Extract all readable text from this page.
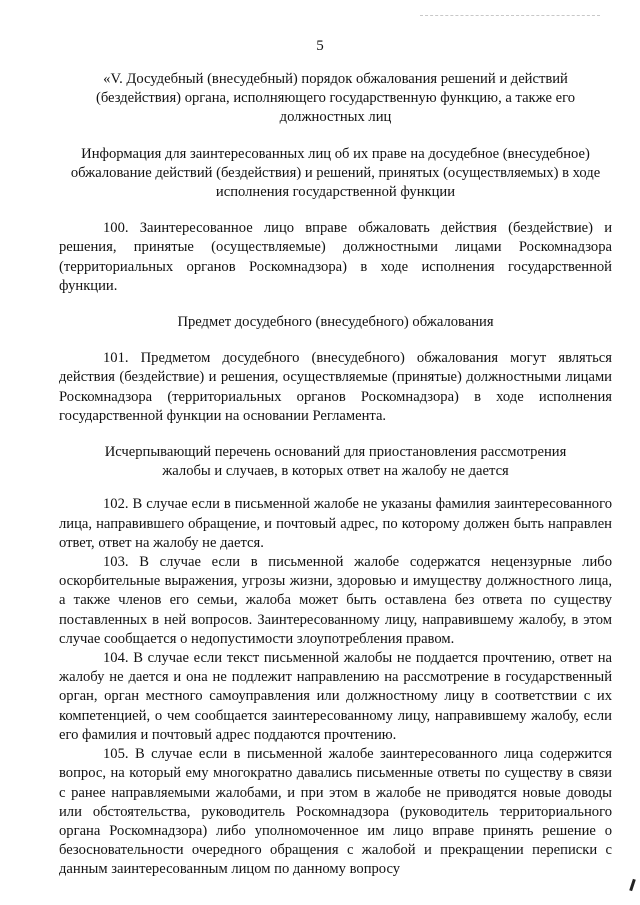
5

«V. Досудебный (внесудебный) порядок обжалования решений и действий (бездействия) органа, исполняющего государственную функцию, а также его должностных лиц

Информация для заинтересованных лиц об их праве на досудебное (внесудебное) обжалование действий (бездействия) и решений, принятых (осуществляемых) в ходе исполнения государственной функции

100. Заинтересованное лицо вправе обжаловать действия (бездействие) и решения, принятые (осуществляемые) должностными лицами Роскомнадзора (территориальных органов Роскомнадзора) в ходе исполнения государственной функции.

Предмет досудебного (внесудебного) обжалования

101. Предметом досудебного (внесудебного) обжалования могут являться действия (бездействие) и решения, осуществляемые (принятые) должностными лицами Роскомнадзора (территориальных органов Роскомнадзора) в ходе исполнения государственной функции на основании Регламента.

Исчерпывающий перечень оснований для приостановления рассмотрения жалобы и случаев, в которых ответ на жалобу не дается

102. В случае если в письменной жалобе не указаны фамилия заинтересованного лица, направившего обращение, и почтовый адрес, по которому должен быть направлен ответ, ответ на жалобу не дается.

103. В случае если в письменной жалобе содержатся нецензурные либо оскорбительные выражения, угрозы жизни, здоровью и имуществу должностного лица, а также членов его семьи, жалоба может быть оставлена без ответа по существу поставленных в ней вопросов. Заинтересованному лицу, направившему жалобу, в этом случае сообщается о недопустимости злоупотребления правом.

104. В случае если текст письменной жалобы не поддается прочтению, ответ на жалобу не дается и она не подлежит направлению на рассмотрение в государственный орган, орган местного самоуправления или должностному лицу в соответствии с их компетенцией, о чем сообщается заинтересованному лицу, направившему жалобу, если его фамилия и почтовый адрес поддаются прочтению.

105. В случае если в письменной жалобе заинтересованного лица содержится вопрос, на который ему многократно давались письменные ответы по существу в связи с ранее направляемыми жалобами, и при этом в жалобе не приводятся новые доводы или обстоятельства, руководитель Роскомнадзора (руководитель территориального органа Роскомнадзора) либо уполномоченное им лицо вправе принять решение о безосновательности очередного обращения с жалобой и прекращении переписки с данным заинтересованным лицом по данному вопросу
